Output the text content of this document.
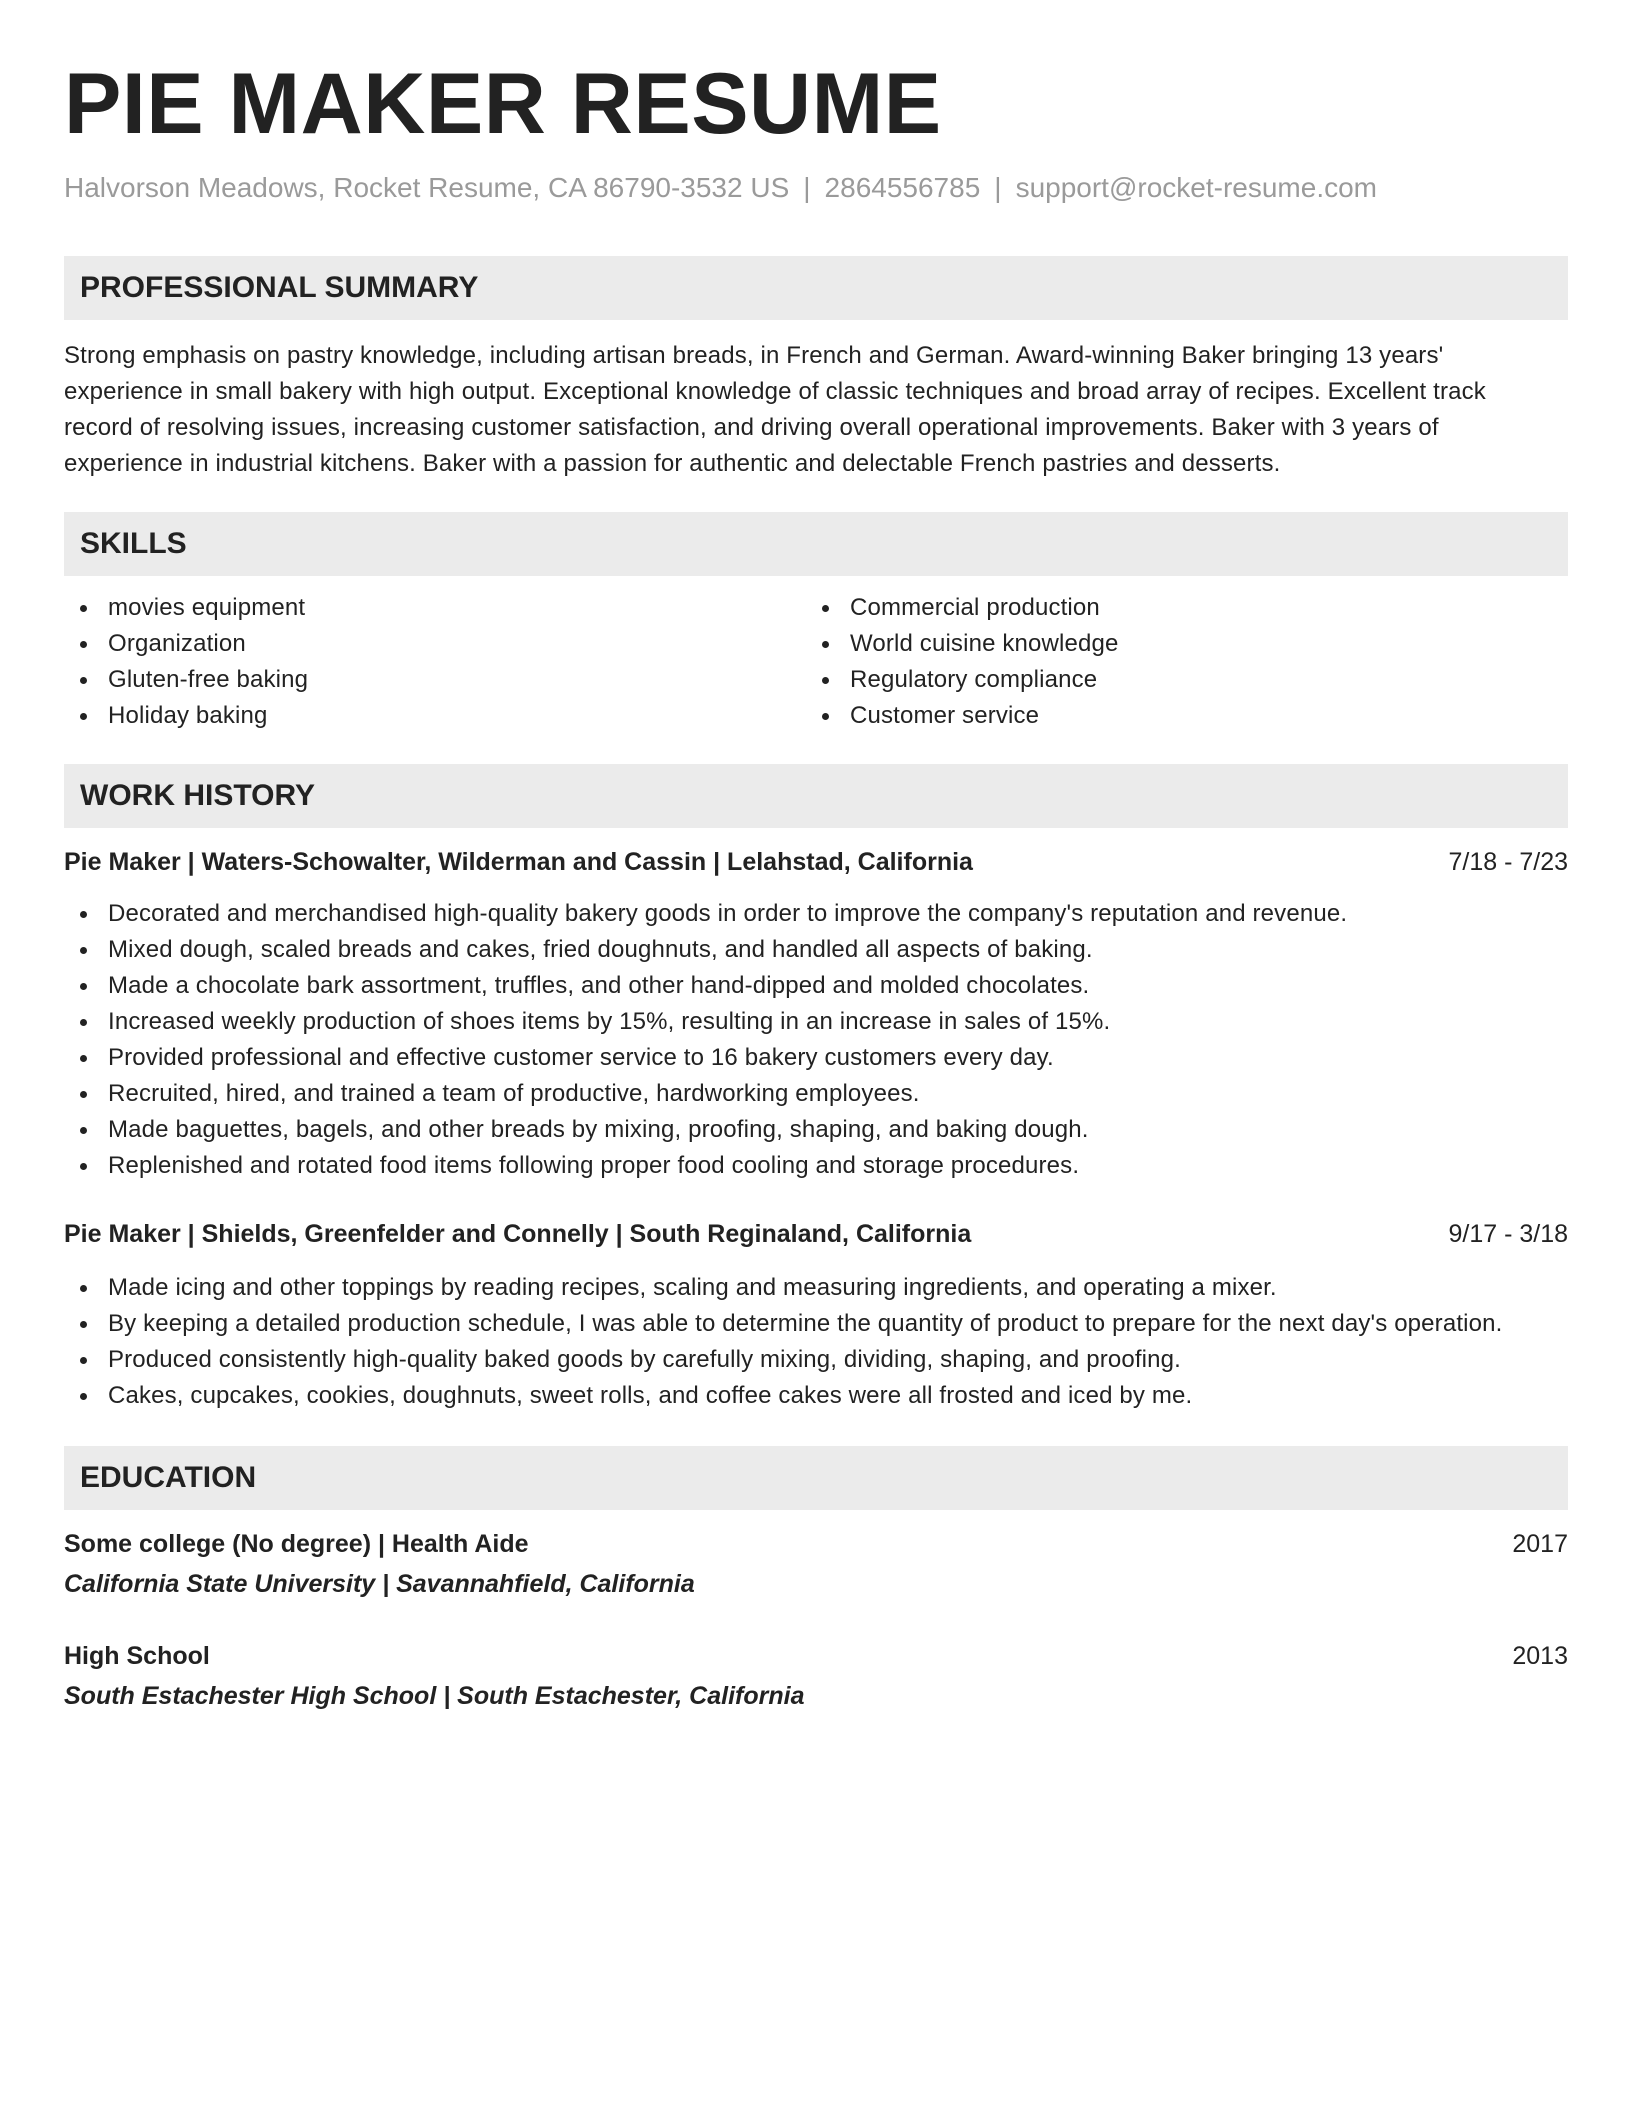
PIE MAKER RESUME
Halvorson Meadows, Rocket Resume, CA 86790-3532 US | 2864556785 | support@rocket-resume.com
PROFESSIONAL SUMMARY
Strong emphasis on pastry knowledge, including artisan breads, in French and German. Award-winning Baker bringing 13 years'
experience in small bakery with high output. Exceptional knowledge of classic techniques and broad array of recipes. Excellent track
record of resolving issues, increasing customer satisfaction, and driving overall operational improvements. Baker with 3 years of
experience in industrial kitchens. Baker with a passion for authentic and delectable French pastries and desserts.
SKILLS
movies equipment
Organization
Gluten-free baking
Holiday baking
Commercial production
World cuisine knowledge
Regulatory compliance
Customer service
WORK HISTORY
Pie Maker | Waters-Schowalter, Wilderman and Cassin | Lelahstad, California	7/18 - 7/23
Decorated and merchandised high-quality bakery goods in order to improve the company's reputation and revenue.
Mixed dough, scaled breads and cakes, fried doughnuts, and handled all aspects of baking.
Made a chocolate bark assortment, truffles, and other hand-dipped and molded chocolates.
Increased weekly production of shoes items by 15%, resulting in an increase in sales of 15%.
Provided professional and effective customer service to 16 bakery customers every day.
Recruited, hired, and trained a team of productive, hardworking employees.
Made baguettes, bagels, and other breads by mixing, proofing, shaping, and baking dough.
Replenished and rotated food items following proper food cooling and storage procedures.
Pie Maker | Shields, Greenfelder and Connelly | South Reginaland, California	9/17 - 3/18
Made icing and other toppings by reading recipes, scaling and measuring ingredients, and operating a mixer.
By keeping a detailed production schedule, I was able to determine the quantity of product to prepare for the next day's operation.
Produced consistently high-quality baked goods by carefully mixing, dividing, shaping, and proofing.
Cakes, cupcakes, cookies, doughnuts, sweet rolls, and coffee cakes were all frosted and iced by me.
EDUCATION
Some college (No degree) | Health Aide	2017
California State University | Savannahfield, California
High School	2013
South Estachester High School | South Estachester, California
